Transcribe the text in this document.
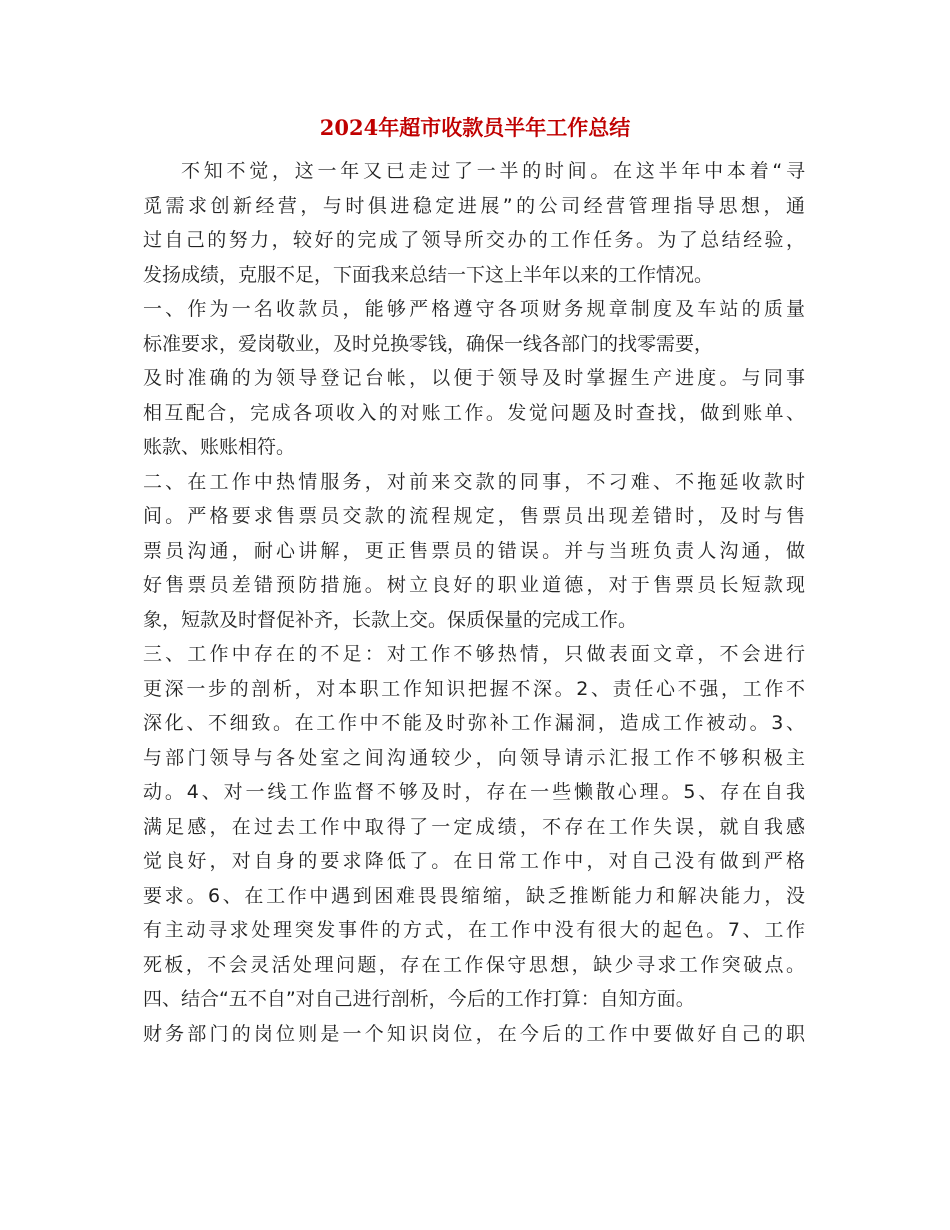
2024年超市收款员半年工作总结
不知不觉，这一年又已走过了一半的时间。在这半年中本着“寻
觅需求创新经营，与时俱进稳定进展”的公司经营管理指导思想，通
过自己的努力，较好的完成了领导所交办的工作任务。为了总结经验，
发扬成绩，克服不足，下面我来总结一下这上半年以来的工作情况。
一、作为一名收款员，能够严格遵守各项财务规章制度及车站的质量
标准要求，爱岗敬业，及时兑换零钱，确保一线各部门的找零需要，
及时准确的为领导登记台帐，以便于领导及时掌握生产进度。与同事
相互配合，完成各项收入的对账工作。发觉问题及时查找，做到账单、
账款、账账相符。
二、在工作中热情服务，对前来交款的同事，不刁难、不拖延收款时
间。严格要求售票员交款的流程规定，售票员出现差错时，及时与售
票员沟通，耐心讲解，更正售票员的错误。并与当班负责人沟通，做
好售票员差错预防措施。树立良好的职业道德，对于售票员长短款现
象，短款及时督促补齐，长款上交。保质保量的完成工作。
三、工作中存在的不足：对工作不够热情，只做表面文章，不会进行
更深一步的剖析，对本职工作知识把握不深。2、责任心不强，工作不
深化、不细致。在工作中不能及时弥补工作漏洞，造成工作被动。3、
与部门领导与各处室之间沟通较少，向领导请示汇报工作不够积极主
动。4、对一线工作监督不够及时，存在一些懒散心理。5、存在自我
满足感，在过去工作中取得了一定成绩，不存在工作失误，就自我感
觉良好，对自身的要求降低了。在日常工作中，对自己没有做到严格
要求。6、在工作中遇到困难畏畏缩缩，缺乏推断能力和解决能力，没
有主动寻求处理突发事件的方式，在工作中没有很大的起色。7、工作
死板，不会灵活处理问题，存在工作保守思想，缺少寻求工作突破点。
四、结合“五不自”对自己进行剖析，今后的工作打算：自知方面。
财务部门的岗位则是一个知识岗位，在今后的工作中要做好自己的职
